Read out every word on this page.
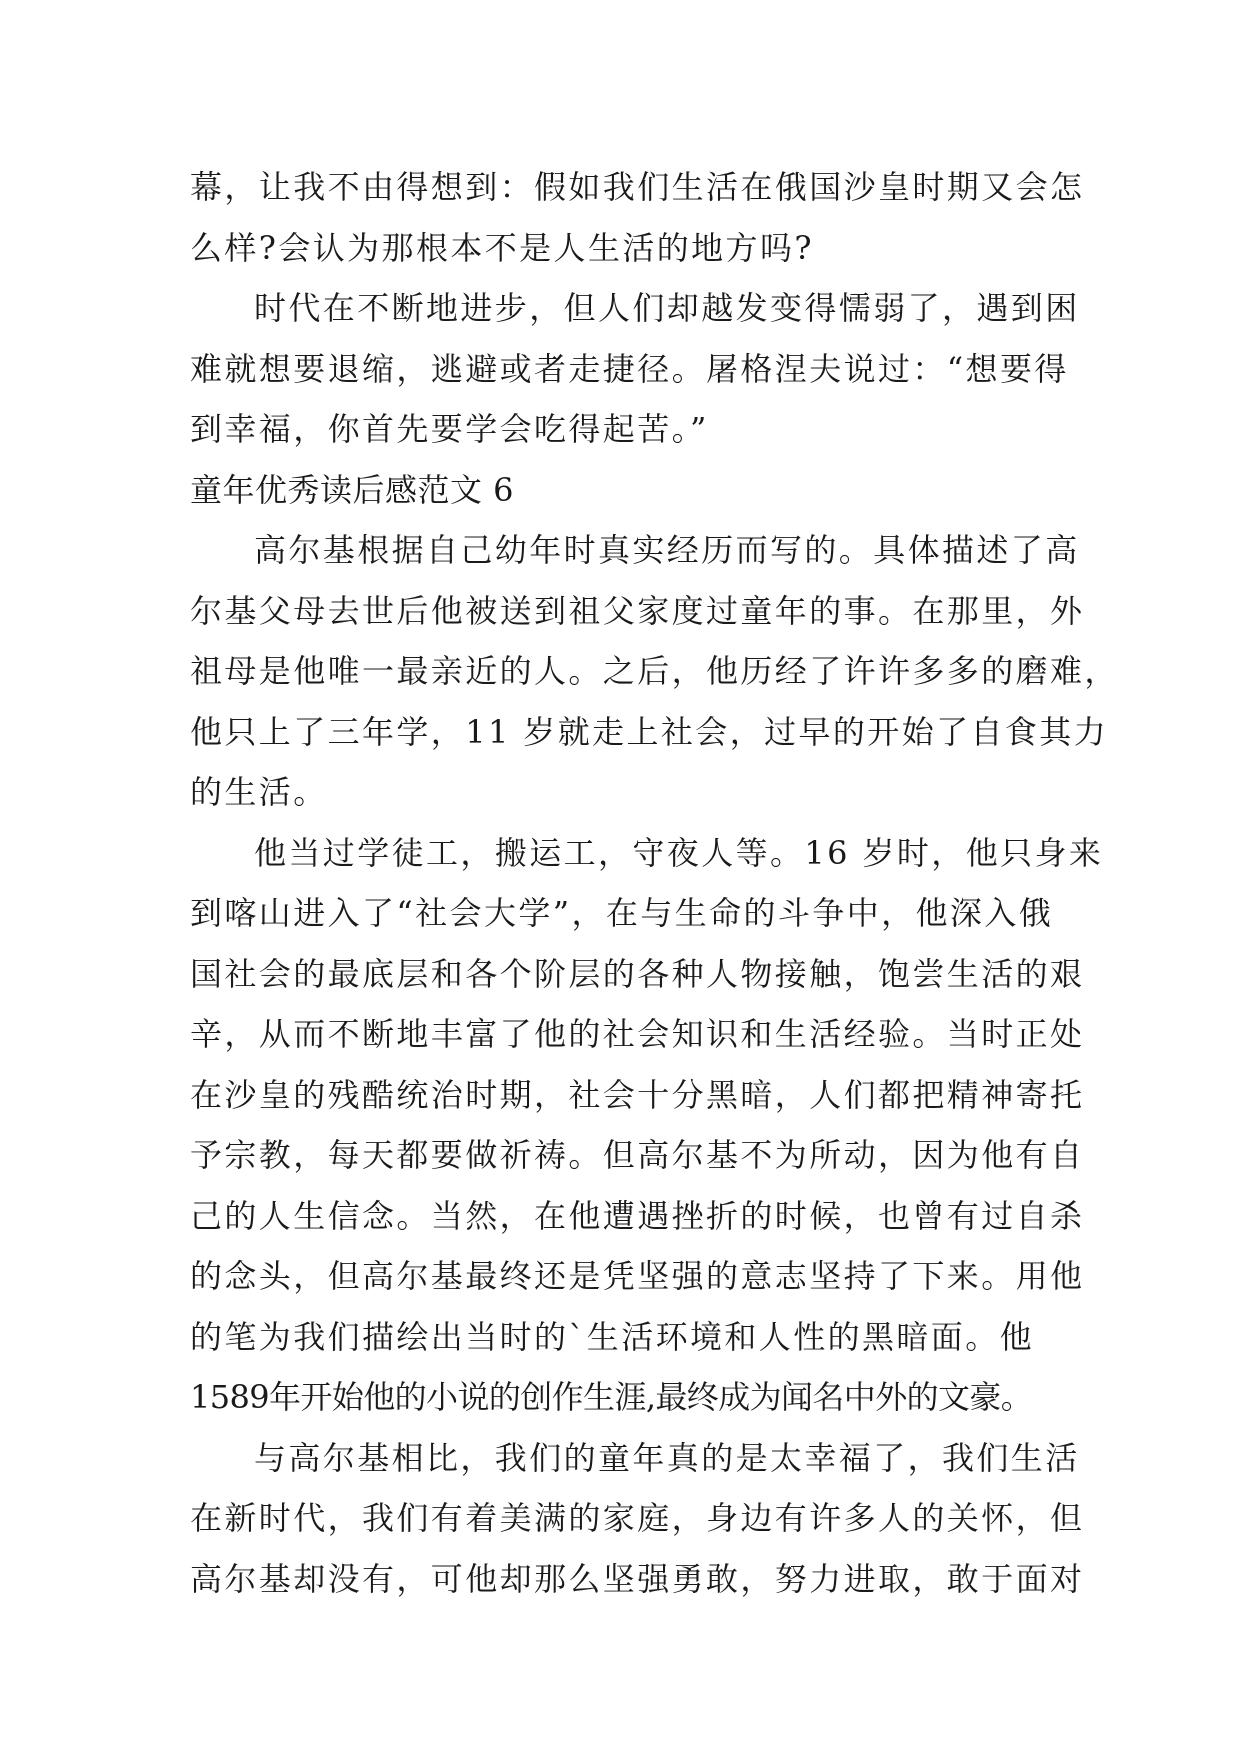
幕，让我不由得想到：假如我们生活在俄国沙皇时期又会怎
么样?会认为那根本不是人生活的地方吗?
时代在不断地进步，但人们却越发变得懦弱了，遇到困
难就想要退缩，逃避或者走捷径。屠格涅夫说过：“想要得
到幸福，你首先要学会吃得起苦。”
童年优秀读后感范文 6
高尔基根据自己幼年时真实经历而写的。具体描述了高
尔基父母去世后他被送到祖父家度过童年的事。在那里，外
祖母是他唯一最亲近的人。之后，他历经了许许多多的磨难，
他只上了三年学，11 岁就走上社会，过早的开始了自食其力
的生活。
他当过学徒工，搬运工，守夜人等。16 岁时，他只身来
到喀山进入了“社会大学”，在与生命的斗争中，他深入俄
国社会的最底层和各个阶层的各种人物接触，饱尝生活的艰
辛，从而不断地丰富了他的社会知识和生活经验。当时正处
在沙皇的残酷统治时期，社会十分黑暗，人们都把精神寄托
予宗教，每天都要做祈祷。但高尔基不为所动，因为他有自
己的人生信念。当然，在他遭遇挫折的时候，也曾有过自杀
的念头，但高尔基最终还是凭坚强的意志坚持了下来。用他
的笔为我们描绘出当时的`生活环境和人性的黑暗面。他
1589年开始他的小说的创作生涯,最终成为闻名中外的文豪。
与高尔基相比，我们的童年真的是太幸福了，我们生活
在新时代，我们有着美满的家庭，身边有许多人的关怀，但
高尔基却没有，可他却那么坚强勇敢，努力进取，敢于面对
